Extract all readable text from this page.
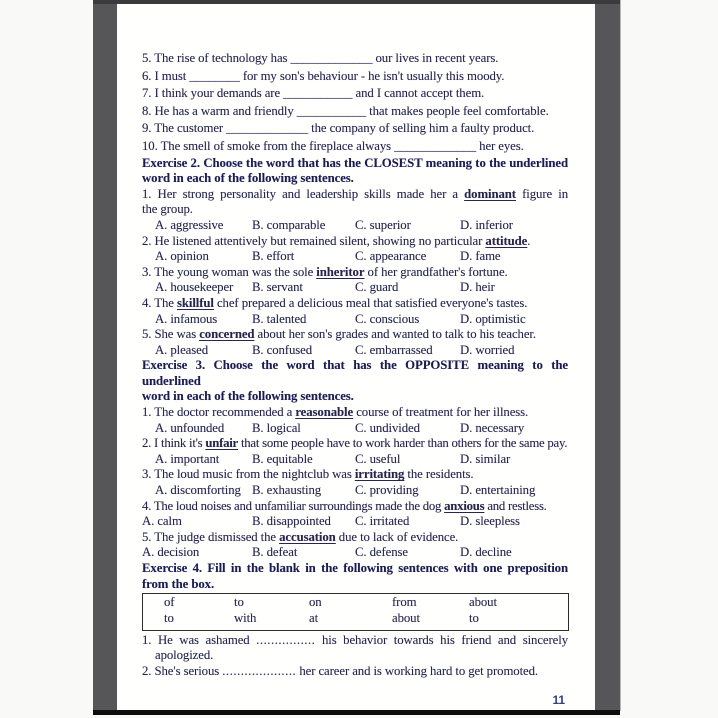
5. The rise of technology has _____________ our lives in recent years.
6. I must ________ for my son's behaviour - he isn't usually this moody.
7. I think your demands are ___________ and I cannot accept them.
8. He has a warm and friendly ___________ that makes people feel comfortable.
9. The customer _____________ the company of selling him a faulty product.
10. The smell of smoke from the fireplace always _____________ her eyes.
Exercise 2. Choose the word that has the CLOSEST meaning to the underlined
word in each of the following sentences.
1. Her strong personality and leadership skills made her a dominant figure in
the group.
A. aggressive	B. comparable	C. superior	D. inferior
2. He listened attentively but remained silent, showing no particular attitude.
A. opinion	B. effort	C. appearance	D. fame
3. The young woman was the sole inheritor of her grandfather's fortune.
A. housekeeper	B. servant	C. guard	D. heir
4. The skillful chef prepared a delicious meal that satisfied everyone's tastes.
A. infamous	B. talented	C. conscious	D. optimistic
5. She was concerned about her son's grades and wanted to talk to his teacher.
A. pleased	B. confused	C. embarrassed	D. worried
Exercise 3. Choose the word that has the OPPOSITE meaning to the underlined
word in each of the following sentences.
1. The doctor recommended a reasonable course of treatment for her illness.
A. unfounded	B. logical	C. undivided	D. necessary
2. I think it's unfair that some people have to work harder than others for the same pay.
A. important	B. equitable	C. useful	D. similar
3. The loud music from the nightclub was irritating the residents.
A. discomforting B. exhausting	C. providing	D. entertaining
4. The loud noises and unfamiliar surroundings made the dog anxious and restless.
A. calm	B. disappointed	C. irritated	D. sleepless
5. The judge dismissed the accusation due to lack of evidence.
A. decision	B. defeat	C. defense	D. decline
Exercise 4. Fill in the blank in the following sentences with one preposition
from the box.
of	to	on	from	about
to	with	at	about	to
1. He was ashamed ................ his behavior towards his friend and sincerely
apologized.
2. She's serious .................... her career and is working hard to get promoted.
11
